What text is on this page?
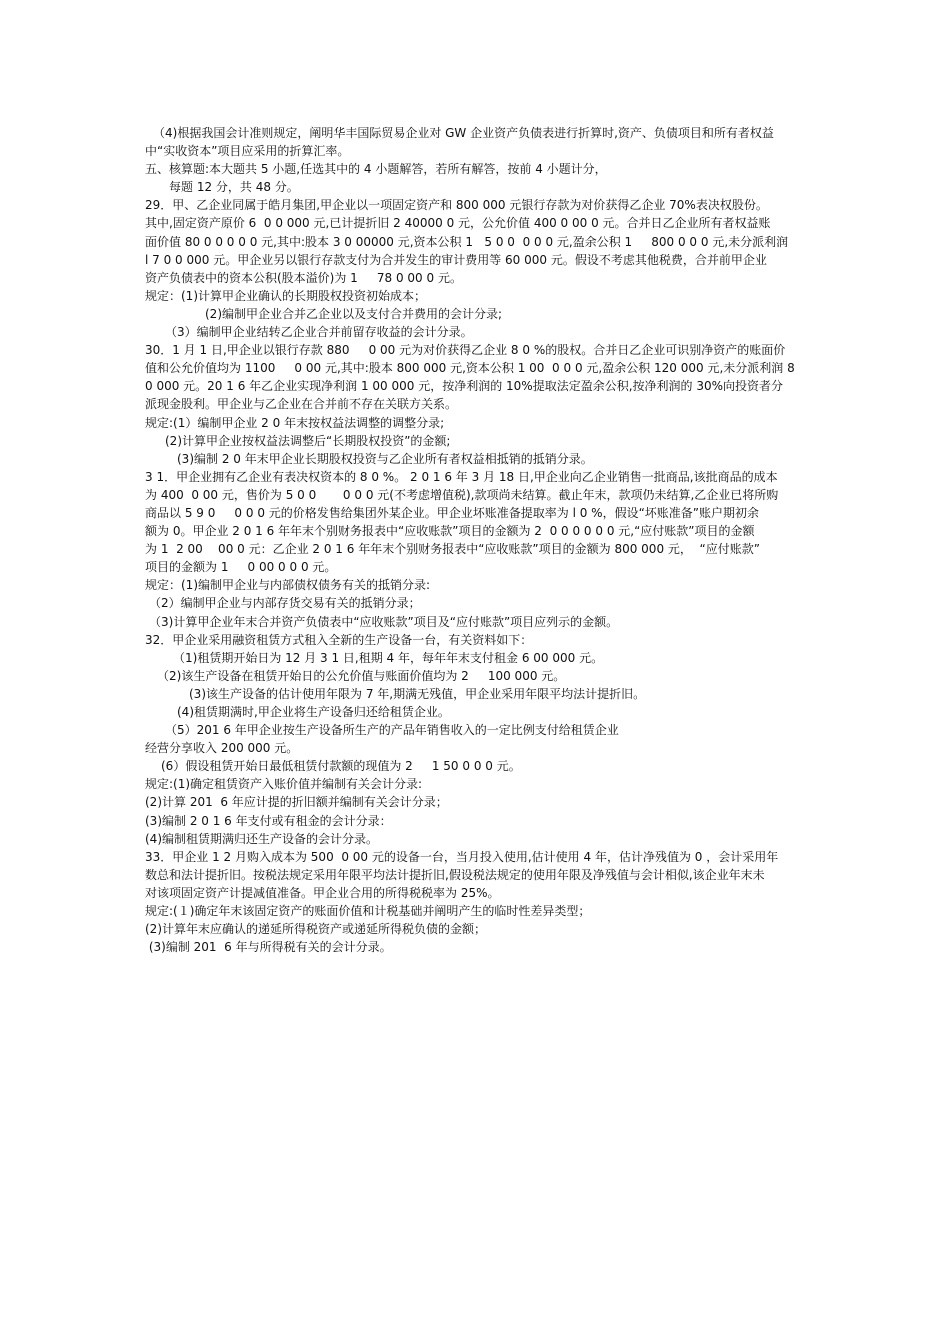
（4)根据我国会计准则规定，阐明华丰国际贸易企业对 GW 企业资产负债表进行折算时,资产、负债项目和所有者权益
中“实收资本”项目应采用的折算汇率。
五、核算题:本大题共 5 小题,任选其中的 4 小题解答，若所有解答，按前 4 小题计分，
每题 12 分，共 48 分。
29．甲、乙企业同属于皓月集团,甲企业以一项固定资产和 800 000 元银行存款为对价获得乙企业 70%表决权股份。
其中,固定资产原价 6  0 0 000 元,已计提折旧 2 40000 0 元，公允价值 400 0 00 0 元。合并日乙企业所有者权益账
面价值 80 0 0 0 0 0 元,其中:股本 3 0 00000 元,资本公积 1   5 0 0  0 0 0 元,盈余公积 1     800 0 0 0 元,未分派利润
l 7 0 0 000 元。甲企业另以银行存款支付为合并发生的审计费用等 60 000 元。假设不考虑其他税费，合并前甲企业
资产负债表中的资本公积(股本溢价)为 1     78 0 00 0 元。
规定：(1)计算甲企业确认的长期股权投资初始成本；
(2)编制甲企业合并乙企业以及支付合并费用的会计分录;
（3）编制甲企业结转乙企业合并前留存收益的会计分录。
30．1 月 1 日,甲企业以银行存款 880     0 00 元为对价获得乙企业 8 0 %的股权。合并日乙企业可识别净资产的账面价
值和公允价值均为 1100     0 00 元,其中:股本 800 000 元,资本公积 1 00  0 0 0 元,盈余公积 120 000 元,未分派利润 8
0 000 元。20 1 6 年乙企业实现净利润 1 00 000 元，按净利润的 10%提取法定盈余公积,按净利润的 30%向投资者分
派现金股利。甲企业与乙企业在合并前不存在关联方关系。
规定:(1）编制甲企业 2 0 年末按权益法调整的调整分录;
(2)计算甲企业按权益法调整后“长期股权投资”的金额;
(3)编制 2 0 年末甲企业长期股权投资与乙企业所有者权益相抵销的抵销分录。
3 1．甲企业拥有乙企业有表决权资本的 8 0 %。 2 0 1 6 年 3 月 18 日,甲企业向乙企业销售一批商品,该批商品的成本
为 400  0 00 元，售价为 5 0 0       0 0 0 元(不考虑增值税),款项尚未结算。截止年末，款项仍未结算,乙企业已将所购
商品以 5 9 0     0 0 0 元的价格发售给集团外某企业。甲企业坏账准备提取率为 l 0 %，假设“坏账准备”账户期初余
额为 0。甲企业 2 0 1 6 年年末个别财务报表中“应收账款”项目的金额为 2  0 0 0 0 0 0 元,“应付账款”项目的金额
为 1  2 00    00 0 元：乙企业 2 0 1 6 年年末个别财务报表中“应收账款”项目的金额为 800 000 元，  “应付账款”
项目的金额为 1     0 00 0 0 0 元。
规定：(1)编制甲企业与内部债权债务有关的抵销分录:
（2）编制甲企业与内部存货交易有关的抵销分录；
（3)计算甲企业年末合并资产负债表中“应收账款”项目及“应付账款”项目应列示的金额。
32．甲企业采用融资租赁方式租入全新的生产设备一台，有关资料如下：
（1)租赁期开始日为 12 月 3 1 日,租期 4 年，每年年末支付租金 6 00 000 元。
（2)该生产设备在租赁开始日的公允价值与账面价值均为 2     100 000 元。
(3)该生产设备的估计使用年限为 7 年,期满无残值，甲企业采用年限平均法计提折旧。
(4)租赁期满时,甲企业将生产设备归还给租赁企业。
（5）201 6 年甲企业按生产设备所生产的产品年销售收入的一定比例支付给租赁企业
经营分享收入 200 000 元。
(6）假设租赁开始日最低租赁付款额的现值为 2     1 50 0 0 0 元。
规定:(1)确定租赁资产入账价值并编制有关会计分录:
(2)计算 201  6 年应计提的折旧额并编制有关会计分录；
(3)编制 2 0 1 6 年支付或有租金的会计分录：
(4)编制租赁期满归还生产设备的会计分录。
33．甲企业 1 2 月购入成本为 500  0 00 元的设备一台，当月投入使用,估计使用 4 年，估计净残值为 0 ，会计采用年
数总和法计提折旧。按税法规定采用年限平均法计提折旧,假设税法规定的使用年限及净残值与会计相似,该企业年末未
对该项固定资产计提减值准备。甲企业合用的所得税税率为 25%。
规定:(１)确定年末该固定资产的账面价值和计税基础并阐明产生的临时性差异类型；
(2)计算年末应确认的递延所得税资产或递延所得税负债的金额；
(3)编制 201  6 年与所得税有关的会计分录。
